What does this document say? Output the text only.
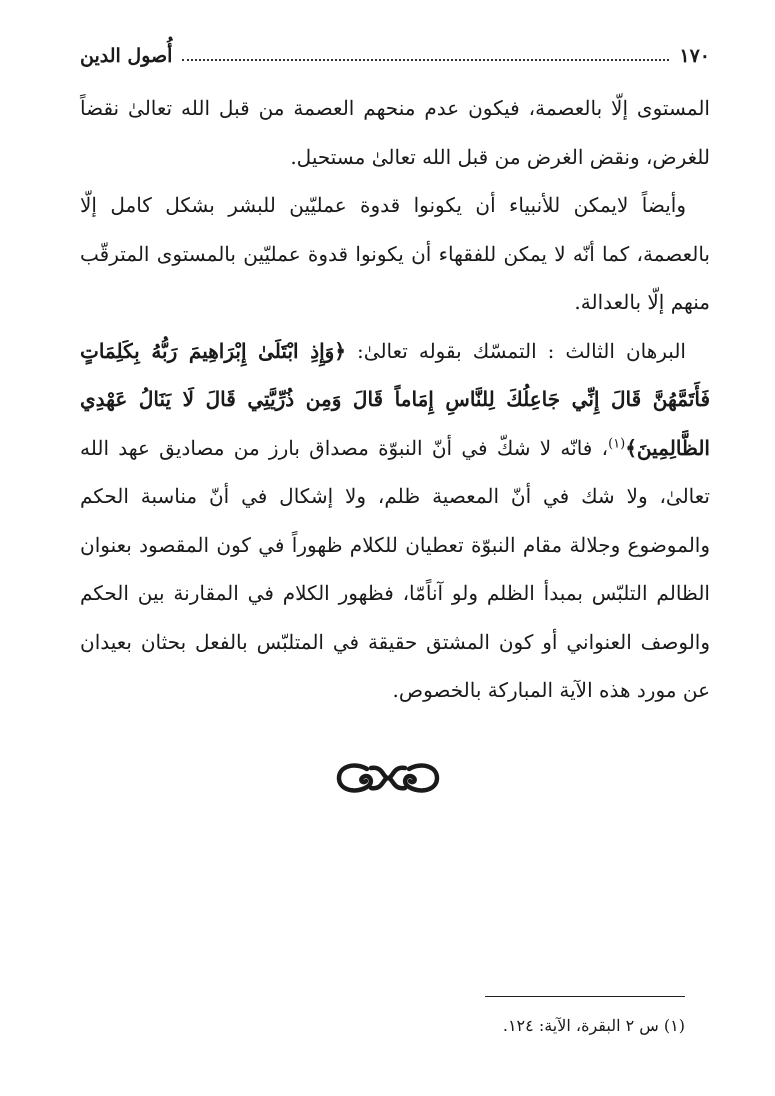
١٧٠
أُصول الدين

المستوى إلّا بالعصمة، فيكون عدم منحهم العصمة من قبل الله تعالىٰ نقضاً للغرض، ونقض الغرض من قبل الله تعالىٰ مستحيل.

وأيضاً لايمكن للأنبياء أن يكونوا قدوة عمليّين للبشر بشكل كامل إلّا بالعصمة، كما أنّه لا يمكن للفقهاء أن يكونوا قدوة عمليّين بالمستوى المترقّب منهم إلّا بالعدالة.

البرهان الثالث : التمسّك بقوله تعالىٰ: ﴿وَإِذِ ابْتَلَىٰ إِبْرَاهِيمَ رَبُّهُ بِكَلِمَاتٍ فَأَتَمَّهُنَّ قَالَ إِنِّي جَاعِلُكَ لِلنَّاسِ إِمَاماً قَالَ وَمِن ذُرِّيَّتِي قَالَ لَا يَنَالُ عَهْدِي الظَّالِمِينَ﴾$^{(١)}$، فانّه لا شكّ في أنّ النبوّة مصداق بارز من مصاديق عهد الله تعالىٰ، ولا شك في أنّ المعصية ظلم، ولا إشكال في أنّ مناسبة الحكم والموضوع وجلالة مقام النبوّة تعطيان للكلام ظهوراً في كون المقصود بعنوان الظالم التلبّس بمبدأ الظلم ولو آناًمّا، فظهور الكلام في المقارنة بين الحكم والوصف العنواني أو كون المشتق حقيقة في المتلبّس بالفعل بحثان بعيدان عن مورد هذه الآية المباركة بالخصوص.

(١) س ٢ البقرة، الآية: ١٢٤.
